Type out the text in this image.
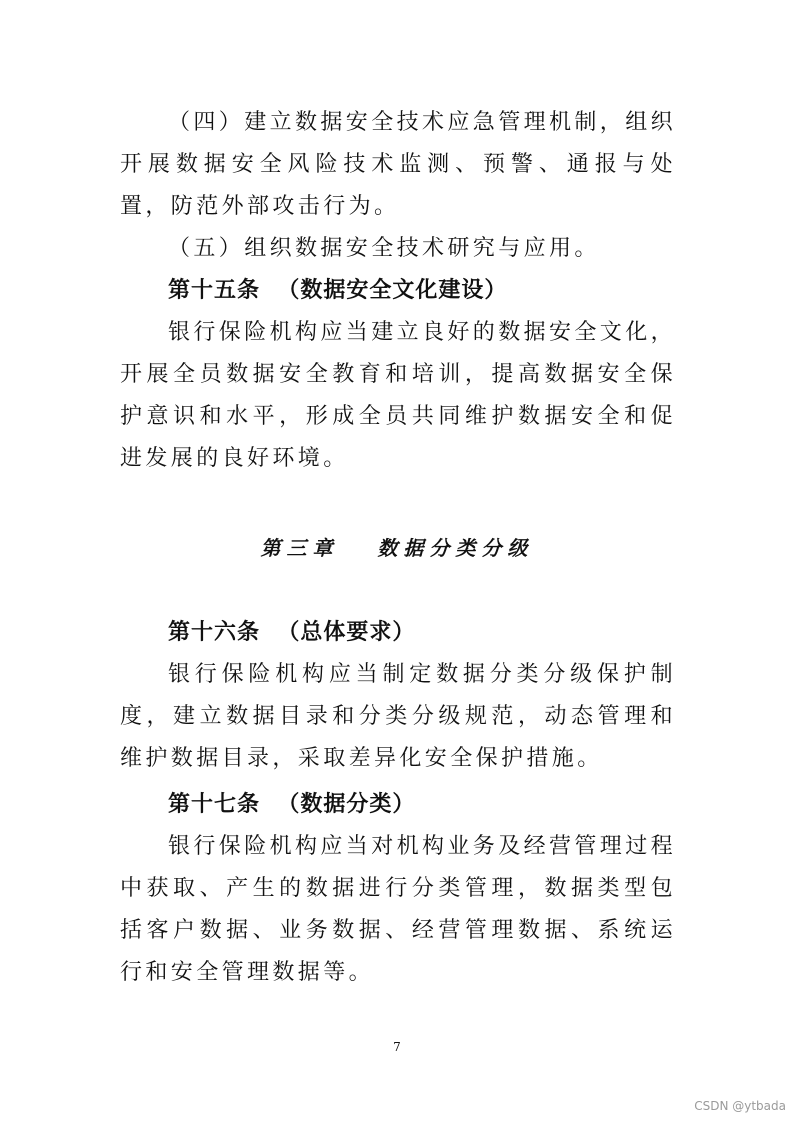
（四）建立数据安全技术应急管理机制，组织开展数据安全风险技术监测、预警、通报与处置，防范外部攻击行为。

（五）组织数据安全技术研究与应用。

第十五条  （数据安全文化建设）

银行保险机构应当建立良好的数据安全文化，开展全员数据安全教育和培训，提高数据安全保护意识和水平，形成全员共同维护数据安全和促进发展的良好环境。

第三章   数据分类分级

第十六条  （总体要求）

银行保险机构应当制定数据分类分级保护制度，建立数据目录和分类分级规范，动态管理和维护数据目录，采取差异化安全保护措施。

第十七条  （数据分类）

银行保险机构应当对机构业务及经营管理过程中获取、产生的数据进行分类管理，数据类型包括客户数据、业务数据、经营管理数据、系统运行和安全管理数据等。

7
CSDN @ytbada
